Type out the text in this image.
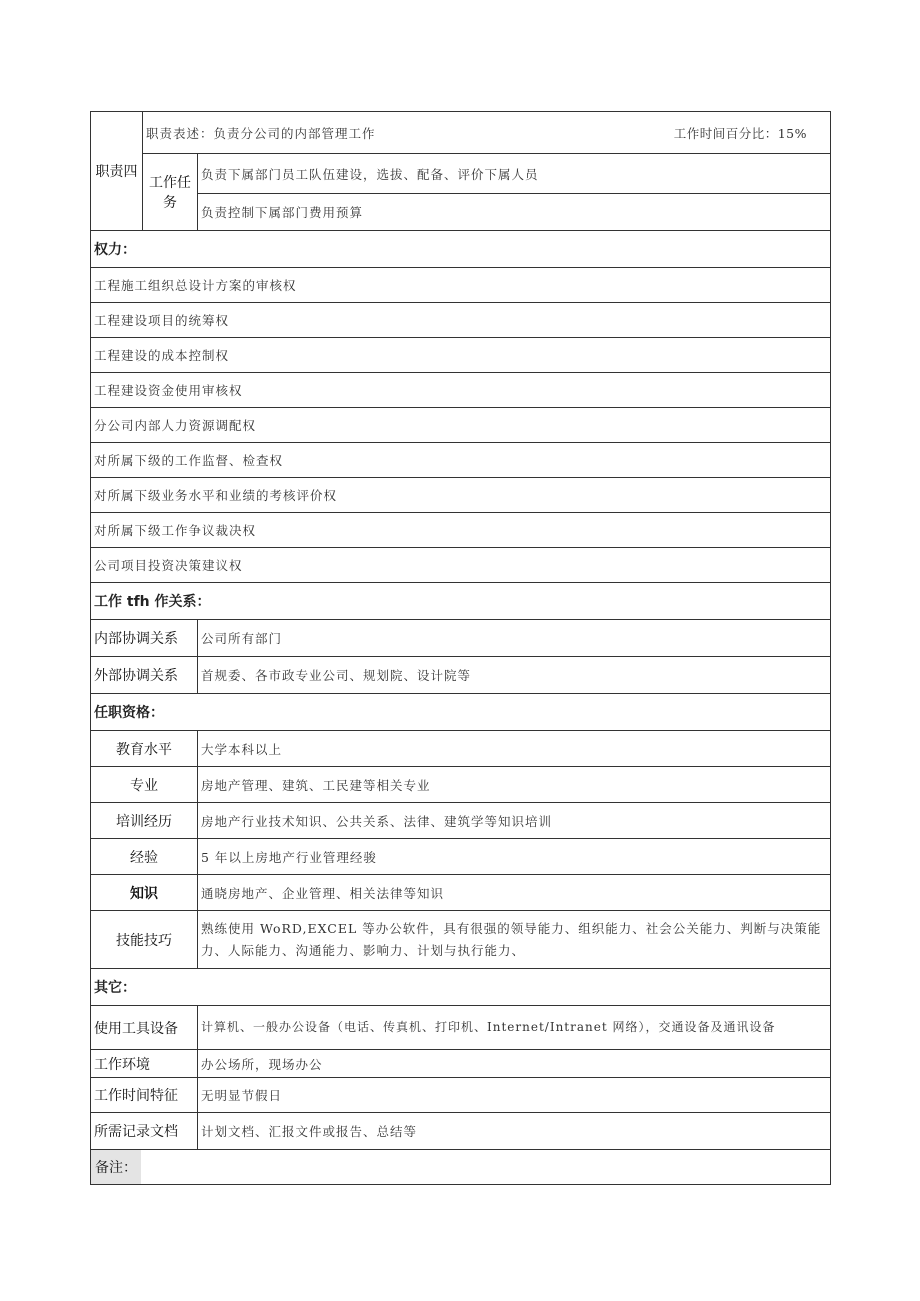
职责四	职责表述：负责分公司的内部管理工作 工作时间百分比：15%	

	工作任务	负责下属部门员工队伍建设，选拔、配备、评价下属人员
		负责控制下属部门费用预算
权力：		
工程施工组织总设计方案的审核权		
工程建设项目的统筹权		
工程建设的成本控制权		
工程建设资金使用审核权		
分公司内部人力资源调配权		
对所属下级的工作监督、检查权		
对所属下级业务水平和业绩的考核评价权		
对所属下级工作争议裁决权		
公司项目投资决策建议权		
工作 tfh 作关系：		
内部协调关系		公司所有部门
外部协调关系		首规委、各市政专业公司、规划院、设计院等
任职资格：		
教育水平		大学本科以上
专业		房地产管理、建筑、工民建等相关专业
培训经历		房地产行业技术知识、公共关系、法律、建筑学等知识培训
经验		5 年以上房地产行业管理经骏
知识		通晓房地产、企业管理、相关法律等知识
技能技巧		熟练使用 WoRD,EXCEL 等办公软件，具有很强的领导能力、组织能力、社会公关能力、判断与决策能力、人际能力、沟通能力、影响力、计划与执行能力、
其它：		
使用工具设备		计算机、一般办公设备（电话、传真机、打印机、Internet/Intranet 网络），交通设备及通讯设备
工作环境		办公场所，现场办公
工作时间特征		无明显节假日
所需记录文档		计划文档、汇报文件或报告、总结等
备注：		
